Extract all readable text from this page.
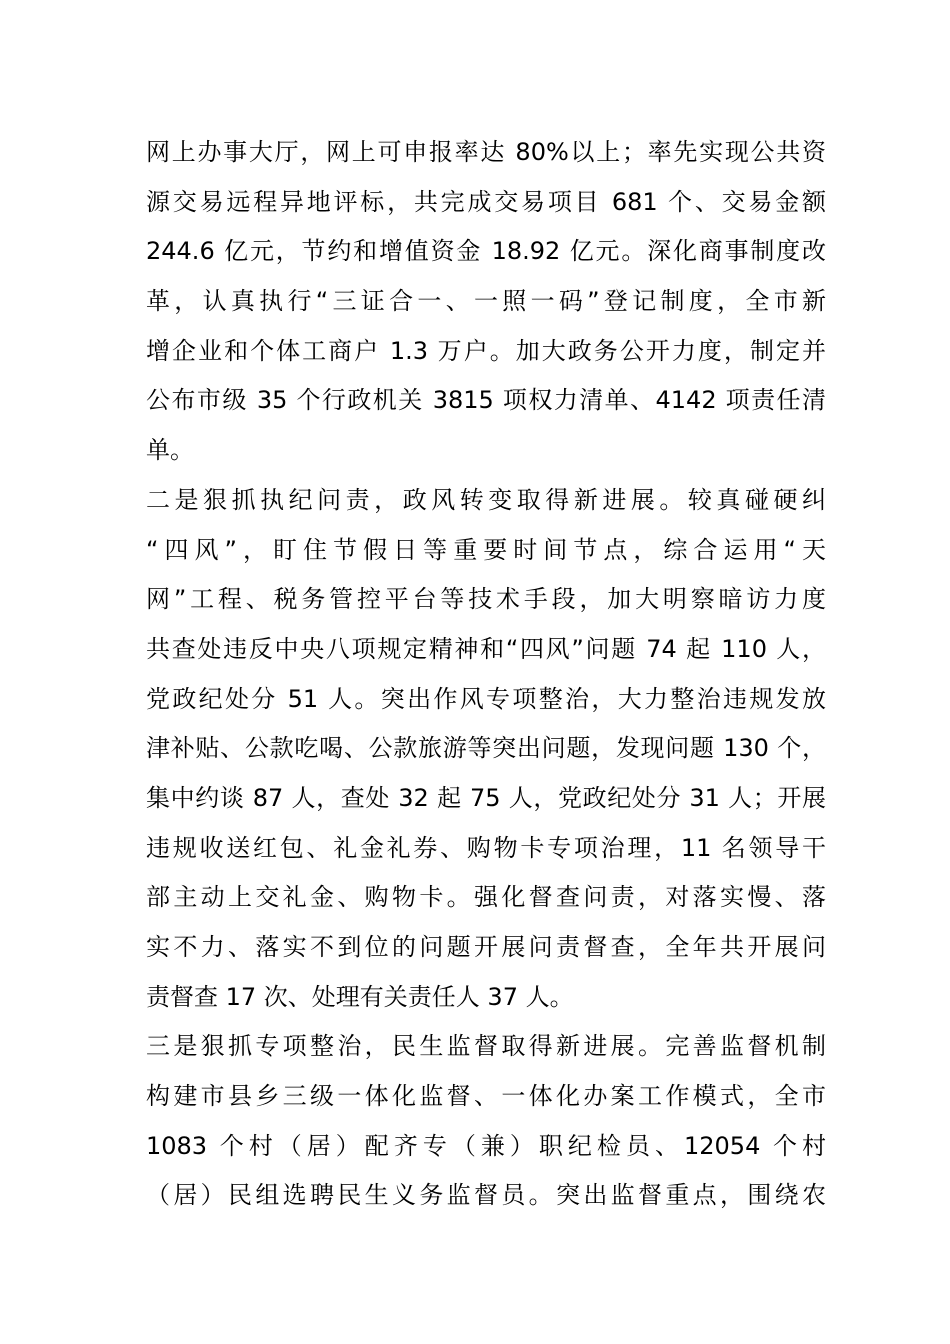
网上办事大厅，网上可申报率达 80%以上；率先实现公共资
源交易远程异地评标，共完成交易项目 681 个、交易金额
244.6 亿元，节约和增值资金 18.92 亿元。深化商事制度改
革，认真执行“三证合一、一照一码”登记制度，全市新
增企业和个体工商户 1.3 万户。加大政务公开力度，制定并
公布市级 35 个行政机关 3815 项权力清单、4142 项责任清
单。
二是狠抓执纪问责，政风转变取得新进展。较真碰硬纠
“四风”，盯住节假日等重要时间节点，综合运用“天
网”工程、税务管控平台等技术手段，加大明察暗访力度
共查处违反中央八项规定精神和“四风”问题 74 起 110 人，
党政纪处分 51 人。突出作风专项整治，大力整治违规发放
津补贴、公款吃喝、公款旅游等突出问题，发现问题 130 个，
集中约谈 87 人，查处 32 起 75 人，党政纪处分 31 人；开展
违规收送红包、礼金礼券、购物卡专项治理，11 名领导干
部主动上交礼金、购物卡。强化督查问责，对落实慢、落
实不力、落实不到位的问题开展问责督查，全年共开展问
责督查 17 次、处理有关责任人 37 人。
三是狠抓专项整治，民生监督取得新进展。完善监督机制
构建市县乡三级一体化监督、一体化办案工作模式，全市
1083 个村（居）配齐专（兼）职纪检员、12054 个村
（居）民组选聘民生义务监督员。突出监督重点，围绕农
